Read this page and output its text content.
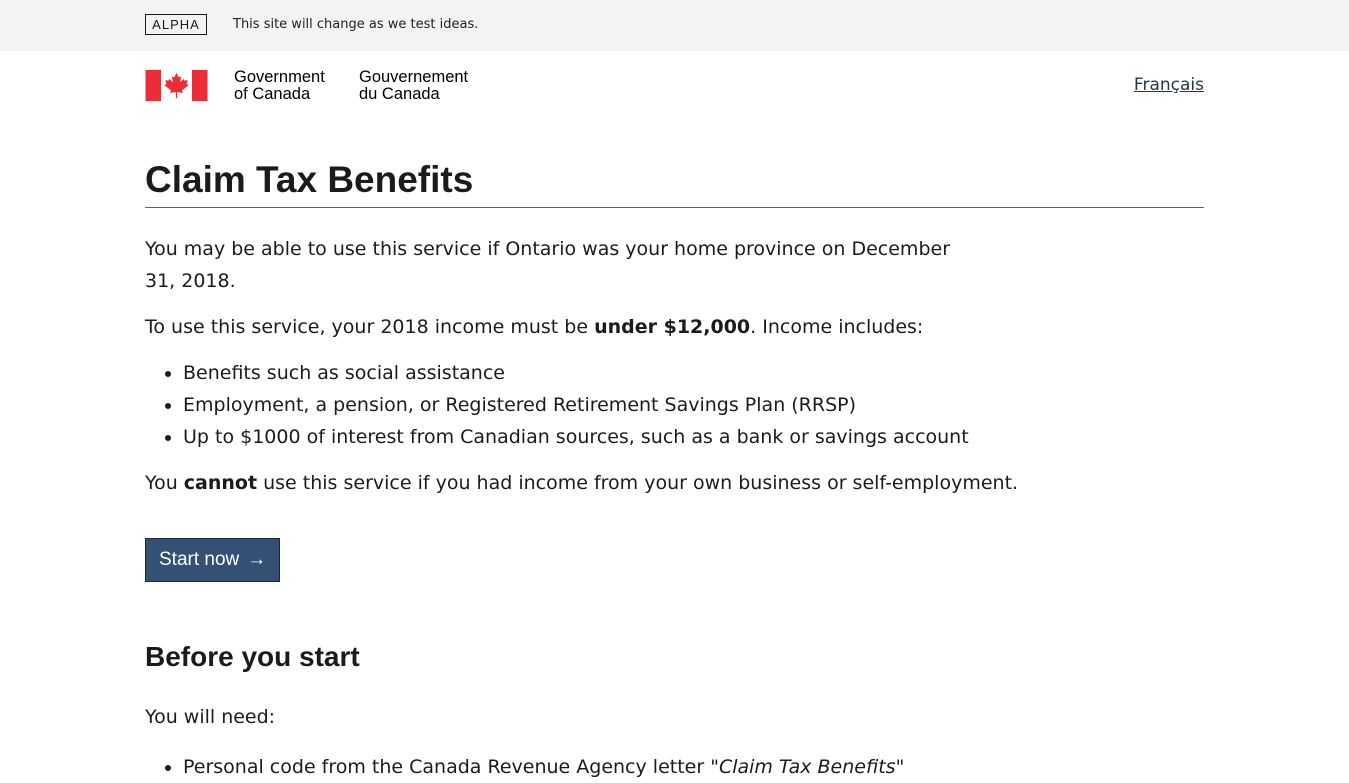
ALPHA	This site will change as we test ideas.
Government
of Canada
Gouvernement
du Canada	Français
Claim Tax Benefits

You may be able to use this service if Ontario was your home province on December 31, 2018.

To use this service, your 2018 income must be under $12,000. Income includes:

• Benefits such as social assistance
• Employment, a pension, or Registered Retirement Savings Plan (RRSP)
• Up to $1000 of interest from Canadian sources, such as a bank or savings account

You cannot use this service if you had income from your own business or self-employment.

Start now →
Before you start

You will need:

• Personal code from the Canada Revenue Agency letter "Claim Tax Benefits"
